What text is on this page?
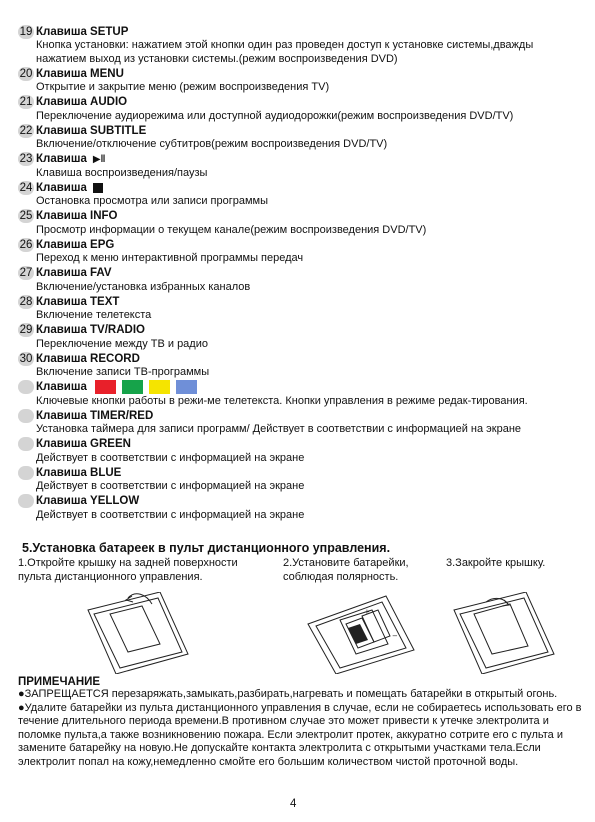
19 Клавиша SETUP
Кнопка установки: нажатием этой кнопки один раз проведен доступ к установке системы,дважды
нажатием выход из установки системы.(режим воспроизведения DVD)
20 Клавиша MENU
Открытие и закрытие меню (режим воспроизведения TV)
21 Клавиша AUDIO
Переключение аудиорежима или доступной аудиодорожки(режим воспроизведения DVD/TV)
22 Клавиша SUBTITLE
Включение/отключение субтитров(режим воспроизведения DVD/TV)
23 Клавиша ▶ǁ
Клавиша воспроизведения/паузы
24 Клавиша
Остановка просмотра или записи программы
25 Клавиша INFO
Просмотр информации о текущем канале(режим воспроизведения DVD/TV)
26 Клавиша EPG
Переход к меню интерактивной программы передач
27 Клавиша FAV
Включение/установка избранных каналов
28 Клавиша TEXT
Включение телетекста
29 Клавиша TV/RADIO
Переключение между ТВ и радио
30 Клавиша RECORD
Включение записи ТВ-программы
Клавиша
Ключевые кнопки работы в режи-ме телетекста. Кнопки управления в режиме редак-тирования.
Клавиша TIMER/RED
Установка таймера для записи программ/ Действует в соответствии с информацией на экране
Клавиша GREEN
Действует в соответствии с информацией на экране
Клавиша BLUE
Действует в соответствии с информацией на экране
Клавиша YELLOW
Действует в соответствии с информацией на экране
5.Установка батареек в пульт дистанционного управления.
1.Откройте крышку на задней поверхности
пульта дистанционного управления.
2.Установите батарейки,
соблюдая полярность.
3.Закройте крышку.
+
−
ПРИМЕЧАНИЕ

●ЗАПРЕЩАЕТСЯ перезаряжать,замыкать,разбирать,нагревать и помещать батарейки в открытый огонь.

●Удалите батарейки из пульта дистанционного управления в случае, если не собираетесь использовать его в течение длительного периода времени.В противном случае это может привести к утечке электролита и поломке пульта,а также возникновению пожара. Если электролит протек, аккуратно сотрите его с пульта и замените батарейку на новую.Не допускайте контакта электролита с открытыми участками тела.Если электролит попал на кожу,немедленно смойте его большим количеством чистой проточной воды.

4
